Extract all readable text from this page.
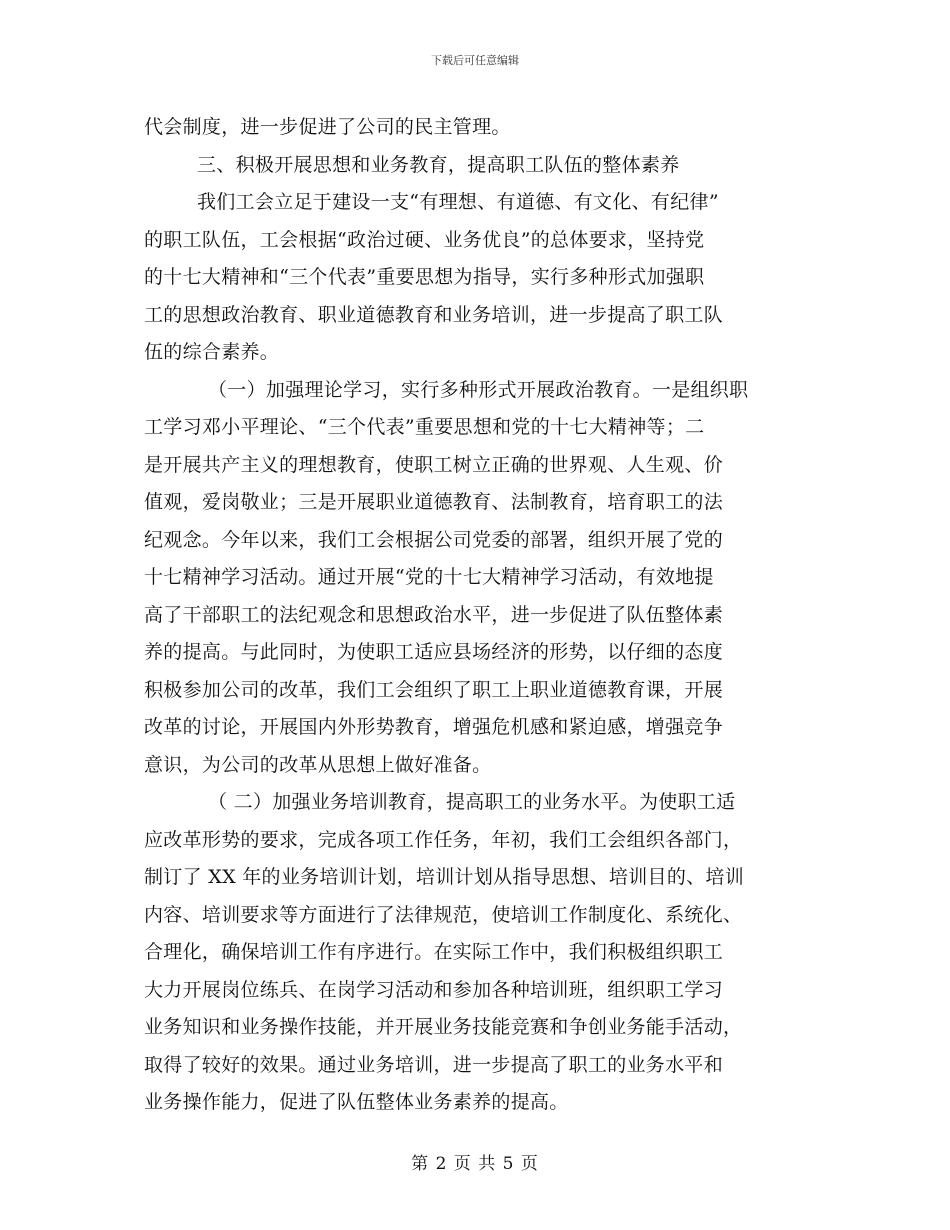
下载后可任意编辑
代会制度，进一步促进了公司的民主管理。
三、积极开展思想和业务教育，提高职工队伍的整体素养
我们工会立足于建设一支“有理想、有道德、有文化、有纪律”
的职工队伍，工会根据“政治过硬、业务优良”的总体要求，坚持党
的十七大精神和“三个代表”重要思想为指导，实行多种形式加强职
工的思想政治教育、职业道德教育和业务培训，进一步提高了职工队
伍的综合素养。
（一）加强理论学习，实行多种形式开展政治教育。一是组织职
工学习邓小平理论、“三个代表”重要思想和党的十七大精神等；二
是开展共产主义的理想教育，使职工树立正确的世界观、人生观、价
值观，爱岗敬业；三是开展职业道德教育、法制教育，培育职工的法
纪观念。今年以来，我们工会根据公司党委的部署，组织开展了党的
十七精神学习活动。通过开展“党的十七大精神学习活动，有效地提
高了干部职工的法纪观念和思想政治水平，进一步促进了队伍整体素
养的提高。与此同时，为使职工适应县场经济的形势，以仔细的态度
积极参加公司的改革，我们工会组织了职工上职业道德教育课，开展
改革的讨论，开展国内外形势教育，增强危机感和紧迫感，增强竞争
意识，为公司的改革从思想上做好准备。
（ 二）加强业务培训教育，提高职工的业务水平。为使职工适
应改革形势的要求，完成各项工作任务，年初，我们工会组织各部门，
制订了 XX 年的业务培训计划，培训计划从指导思想、培训目的、培训
内容、培训要求等方面进行了法律规范，使培训工作制度化、系统化、
合理化，确保培训工作有序进行。在实际工作中，我们积极组织职工
大力开展岗位练兵、在岗学习活动和参加各种培训班，组织职工学习
业务知识和业务操作技能，并开展业务技能竞赛和争创业务能手活动，
取得了较好的效果。通过业务培训，进一步提高了职工的业务水平和
业务操作能力，促进了队伍整体业务素养的提高。
第 2 页 共 5 页
